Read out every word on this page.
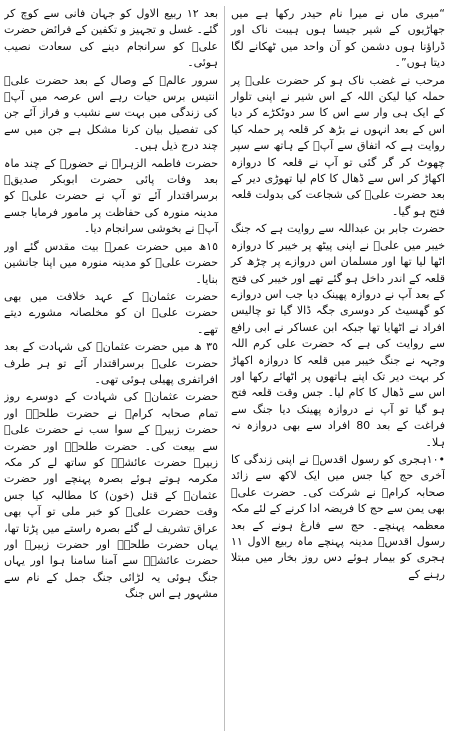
بعد ١٢ ربیع الاول کو جہان فانی سے کوچ کر گئے۔ غسل و تجہیز و تکفین کے فرائض حضرت علیؓ کو سرانجام دینے کی سعادت نصیب ہوئی۔

سرور عالمؐ کے وصال کے بعد حضرت علیؓ انتیس برس حیات رہے اس عرصہ میں آپؓ کی زندگی میں بہت سے نشیب و فراز آئے جن کی تفصیل بیان کرنا مشکل ہے جن میں سے چند درج ذیل ہیں۔

حضرت فاطمہ الزہراؓ نے حضورؐ کے چند ماہ بعد وفات پائی حضرت ابوبکر صدیقؓ برسراقتدار آئے تو آپ نے حضرت علیؓ کو مدینہ منورہ کی حفاظت پر مامور فرمایا جسے آپؓ نے بخوشی سرانجام دیا۔

١٥ھ میں حضرت عمرؓ بیت مقدس گئے اور حضرت علیؓ کو مدینہ منورہ میں اپنا جانشین بنایا۔

حضرت عثمانؓ کے عہد خلافت میں بھی حضرت علیؓ ان کو مخلصانہ مشورے دیتے تھے۔

٣٥ ھ میں حضرت عثمانؓ کی شہادت کے بعد حضرت علیؓ برسراقتدار آئے تو ہر طرف افراتفری پھیلی ہوئی تھی۔

حضرت عثمانؓ کی شہادت کے دوسرے روز تمام صحابہ کرامؓ نے حضرت طلحہؓ اور حضرت زبیرؓ کے سوا سب نے حضرت علیؓ سے بیعت کی۔ حضرت طلحہؓ اور حضرت زبیرؓ حضرت عائشہؓ کو ساتھ لے کر مکہ مکرمہ ہوتے ہوئے بصرہ پہنچے اور حضرت عثمانؓ کے قتل (خون) کا مطالبہ کیا جس وقت حضرت علیؓ کو خبر ملی تو آپ بھی عراق تشریف لے گئے بصرہ راستے میں پڑتا تھا، یہاں حضرت طلحہؓ اور حضرت زبیرؓ اور حضرت عائشہؓ سے آمنا سامنا ہوا اور یہاں جنگ ہوئی یہ لڑائی جنگ جمل کے نام سے مشہور ہے اس جنگ

“میری ماں نے میرا نام حیدر رکھا ہے میں جھاڑیوں کے شیر جیسا ہوں ہیبت ناک اور ڈراؤنا ہوں دشمن کو آن واحد میں ٹھکانے لگا دیتا ہوں”۔

مرحب نے غضب ناک ہو کر حضرت علیؓ پر حملہ کیا لیکن اللہ کے اس شیر نے اپنی تلوار کے ایک ہی وار سے اس کا سر دوٹکڑے کر دیا اس کے بعد انہوں نے بڑھ کر قلعہ پر حملہ کیا روایت ہے کہ اتفاق سے آپؓ کے ہاتھ سے سپر چھوٹ کر گر گئی تو آپ نے قلعہ کا دروازہ اکھاڑ کر اس سے ڈھال کا کام لیا تھوڑی دیر کے بعد حضرت علیؓ کی شجاعت کی بدولت قلعہ فتح ہو گیا۔

حضرت جابر بن عبداللہ سے روایت ہے کہ جنگ خیبر میں علیؓ نے اپنی پیٹھ پر خیبر کا دروازہ اٹھا لیا تھا اور مسلمان اس دروازے پر چڑھ کر قلعہ کے اندر داخل ہو گئے تھے اور خیبر کی فتح کے بعد آپ نے دروازہ پھینک دیا جب اس دروازے کو گھسیٹ کر دوسری جگہ ڈالا گیا تو چالیس افراد نے اٹھایا تھا جبکہ ابن عساکر نے ابی رافع سے روایت کی ہے کہ حضرت علی کرم اللہ وجہہ نے جنگ خیبر میں قلعہ کا دروازہ اکھاڑ کر بہت دیر تک اپنے ہاتھوں پر اٹھائے رکھا اور اس سے ڈھال کا کام لیا۔ جس وقت قلعہ فتح ہو گیا تو آپ نے دروازہ پھینک دیا جنگ سے فراغت کے بعد 80 افراد سے بھی دروازہ نہ ہلا۔

•١٠ہجری کو رسول اقدسؐ نے اپنی زندگی کا آخری حج کیا جس میں ایک لاکھ سے زائد صحابہ کرامؓ نے شرکت کی۔ حضرت علیؓ بھی یمن سے حج کا فریضہ ادا کرنے کے لئے مکہ معظمہ پہنچے۔ حج سے فارغ ہونے کے بعد رسول اقدسؐ مدینہ پہنچے ماہ ربیع الاول ١١ ہجری کو بیمار ہوئے دس روز بخار میں مبتلا رہنے کے
